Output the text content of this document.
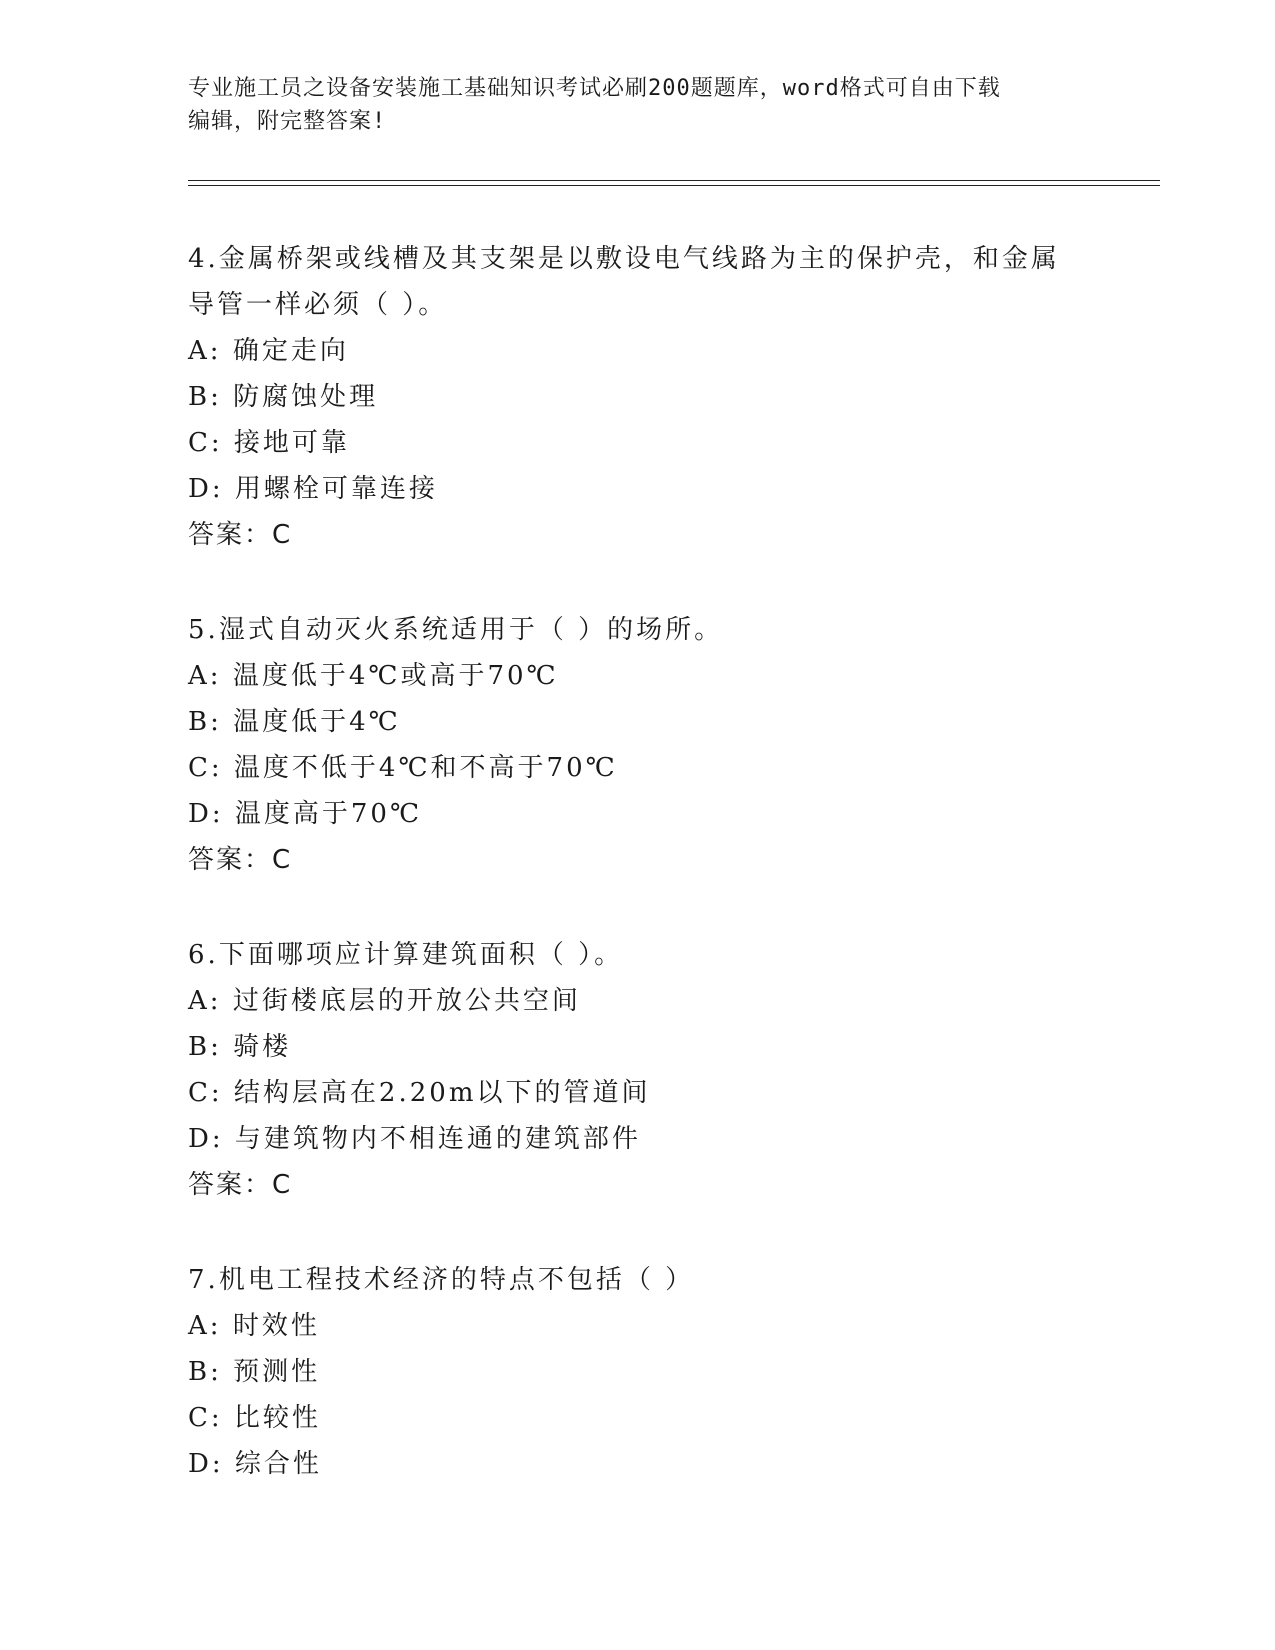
专业施工员之设备安装施工基础知识考试必刷200题题库，word格式可自由下载
编辑，附完整答案!
4.金属桥架或线槽及其支架是以敷设电气线路为主的保护壳，和金属
导管一样必须（ ）。
A: 确定走向
B: 防腐蚀处理
C: 接地可靠
D: 用螺栓可靠连接
答案：C
5.湿式自动灭火系统适用于（ ）的场所。
A: 温度低于4℃或高于70℃
B: 温度低于4℃
C: 温度不低于4℃和不高于70℃
D: 温度高于70℃
答案：C
6.下面哪项应计算建筑面积（ ）。
A: 过街楼底层的开放公共空间
B: 骑楼
C: 结构层高在2.20m以下的管道间
D: 与建筑物内不相连通的建筑部件
答案：C
7.机电工程技术经济的特点不包括（ ）
A: 时效性
B: 预测性
C: 比较性
D: 综合性
